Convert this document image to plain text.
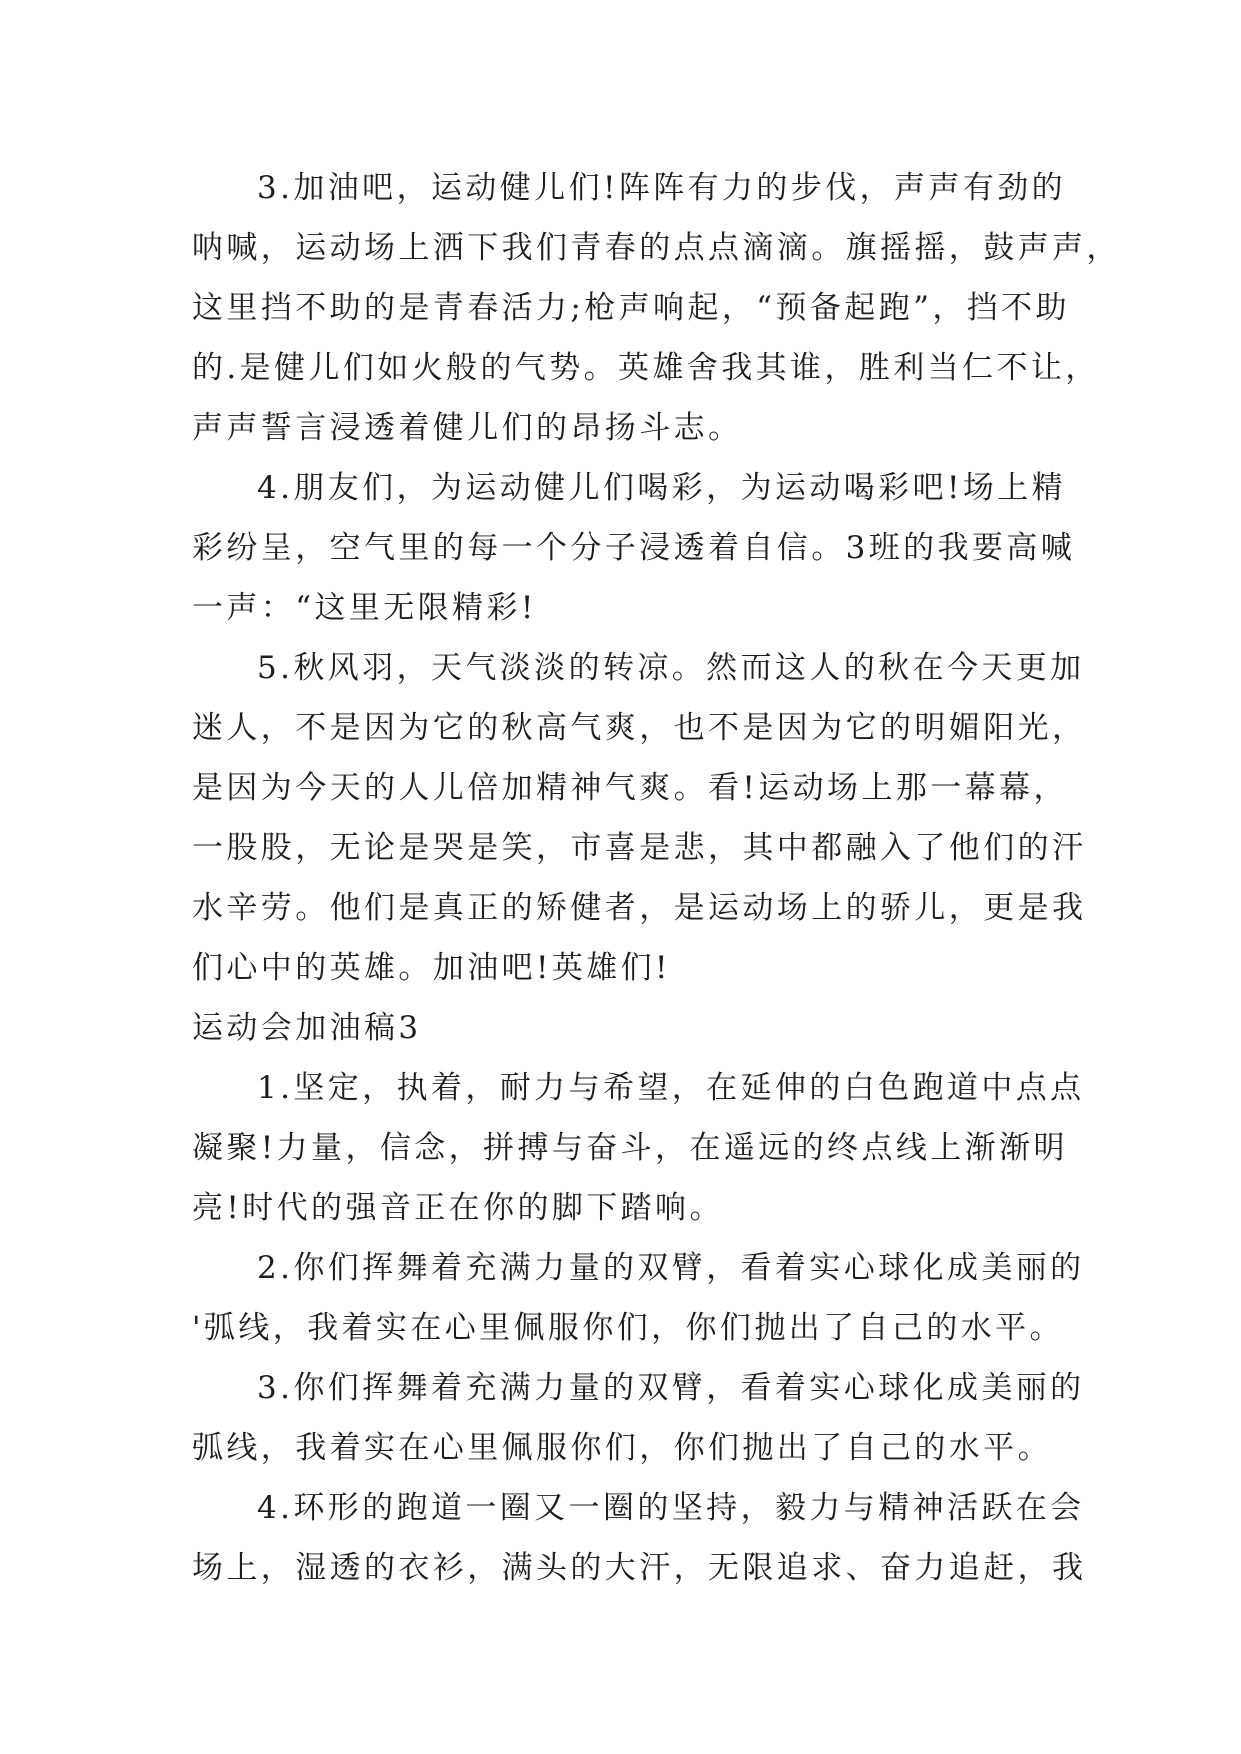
3.加油吧，运动健儿们!阵阵有力的步伐，声声有劲的
呐喊，运动场上洒下我们青春的点点滴滴。旗摇摇，鼓声声，
这里挡不助的是青春活力;枪声响起，“预备起跑”，挡不助
的.是健儿们如火般的气势。英雄舍我其谁，胜利当仁不让，
声声誓言浸透着健儿们的昂扬斗志。
4.朋友们，为运动健儿们喝彩，为运动喝彩吧!场上精
彩纷呈，空气里的每一个分子浸透着自信。3班的我要高喊
一声：“这里无限精彩!
5.秋风羽，天气淡淡的转凉。然而这人的秋在今天更加
迷人，不是因为它的秋高气爽，也不是因为它的明媚阳光，
是因为今天的人儿倍加精神气爽。看!运动场上那一幕幕，
一股股，无论是哭是笑，市喜是悲，其中都融入了他们的汗
水辛劳。他们是真正的矫健者，是运动场上的骄儿，更是我
们心中的英雄。加油吧!英雄们!
运动会加油稿3
1.坚定，执着，耐力与希望，在延伸的白色跑道中点点
凝聚!力量，信念，拼搏与奋斗，在遥远的终点线上渐渐明
亮!时代的强音正在你的脚下踏响。
2.你们挥舞着充满力量的双臂，看着实心球化成美丽的
'弧线，我着实在心里佩服你们，你们抛出了自己的水平。
3.你们挥舞着充满力量的双臂，看着实心球化成美丽的
弧线，我着实在心里佩服你们，你们抛出了自己的水平。
4.环形的跑道一圈又一圈的坚持，毅力与精神活跃在会
场上，湿透的衣衫，满头的大汗，无限追求、奋力追赶，我
